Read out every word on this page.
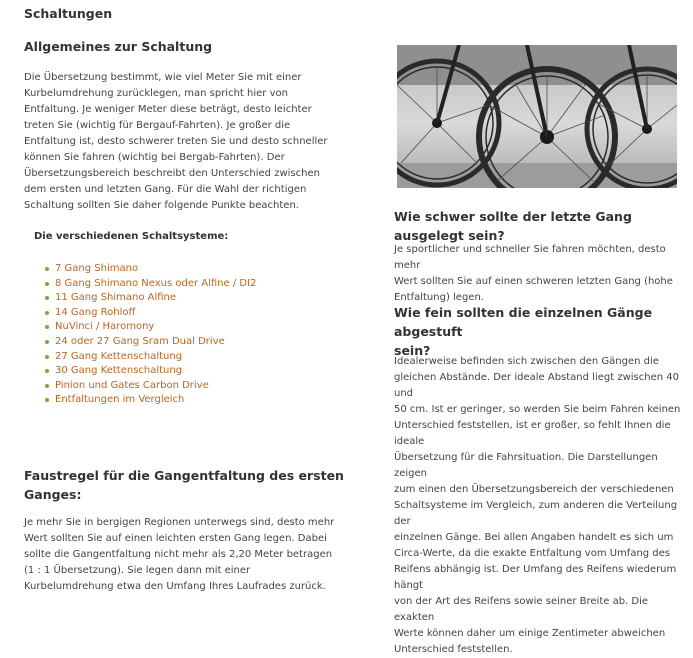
Schaltungen
Allgemeines zur Schaltung
Die Übersetzung bestimmt, wie viel Meter Sie mit einer
Kurbelumdrehung zurücklegen, man spricht hier von
Entfaltung. Je weniger Meter diese beträgt, desto leichter
treten Sie (wichtig für Bergauf-Fahrten). Je großer die
Entfaltung ist, desto schwerer treten Sie und desto schneller
können Sie fahren (wichtig bei Bergab-Fahrten). Der
Übersetzungsbereich beschreibt den Unterschied zwischen
dem ersten und letzten Gang. Für die Wahl der richtigen
Schaltung sollten Sie daher folgende Punkte beachten.
Die verschiedenen Schaltsysteme:
7 Gang Shimano
8 Gang Shimano Nexus oder Alfine / DI2
11 Gang Shimano Alfine
14 Gang Rohloff
NuVinci / Haromony
24 oder 27 Gang Sram Dual Drive
27 Gang Kettenschaltung
30 Gang Kettenschaltung
Pinion und Gates Carbon Drive
Entfaltungen im Vergleich
Faustregel für die Gangentfaltung des ersten
Ganges:
Je mehr Sie in bergigen Regionen unterwegs sind, desto mehr
Wert sollten Sie auf einen leichten ersten Gang legen. Dabei
sollte die Gangentfaltung nicht mehr als 2,20 Meter betragen
(1 : 1 Übersetzung). Sie legen dann mit einer
Kurbelumdrehung etwa den Umfang Ihres Laufrades zurück.
Wie schwer sollte der letzte Gang ausgelegt sein?
Je sportlicher und schneller Sie fahren möchten, desto mehr
Wert sollten Sie auf einen schweren letzten Gang (hohe
Entfaltung) legen.
Wie fein sollten die einzelnen Gänge abgestuft
sein?
Idealerweise befinden sich zwischen den Gängen die
gleichen Abstände. Der ideale Abstand liegt zwischen 40 und
50 cm. Ist er geringer, so werden Sie beim Fahren keinen
Unterschied feststellen, ist er großer, so fehlt Ihnen die ideale
Übersetzung für die Fahrsituation. Die Darstellungen zeigen
zum einen den Übersetzungsbereich der verschiedenen
Schaltsysteme im Vergleich, zum anderen die Verteilung der
einzelnen Gänge. Bei allen Angaben handelt es sich um
Circa-Werte, da die exakte Entfaltung vom Umfang des
Reifens abhängig ist. Der Umfang des Reifens wiederum hängt
von der Art des Reifens sowie seiner Breite ab. Die exakten
Werte können daher um einige Zentimeter abweichen
Unterschied feststellen.
